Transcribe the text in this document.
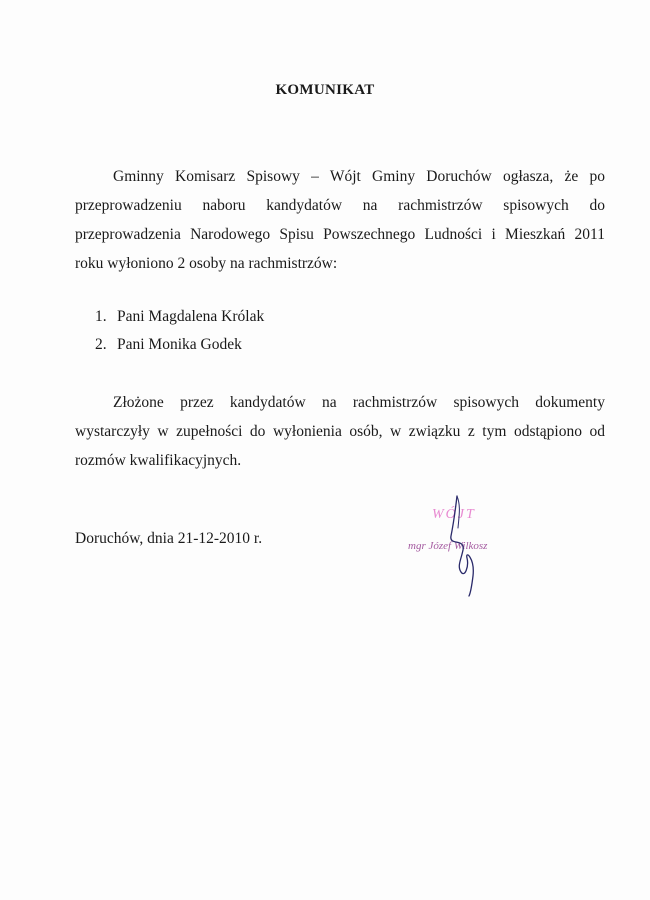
KOMUNIKAT
Gminny Komisarz Spisowy – Wójt Gminy Doruchów ogłasza, że po
przeprowadzeniu naboru kandydatów na rachmistrzów spisowych do
przeprowadzenia Narodowego Spisu Powszechnego Ludności i Mieszkań 2011
roku wyłoniono 2 osoby na rachmistrzów:
1. Pani Magdalena Królak
2. Pani Monika Godek
Złożone przez kandydatów na rachmistrzów spisowych dokumenty
wystarczyły w zupełności do wyłonienia osób, w związku z tym odstąpiono od
rozmów kwalifikacyjnych.
Doruchów, dnia 21-12-2010 r.
WÓJT
mgr Józef Wilkosz
